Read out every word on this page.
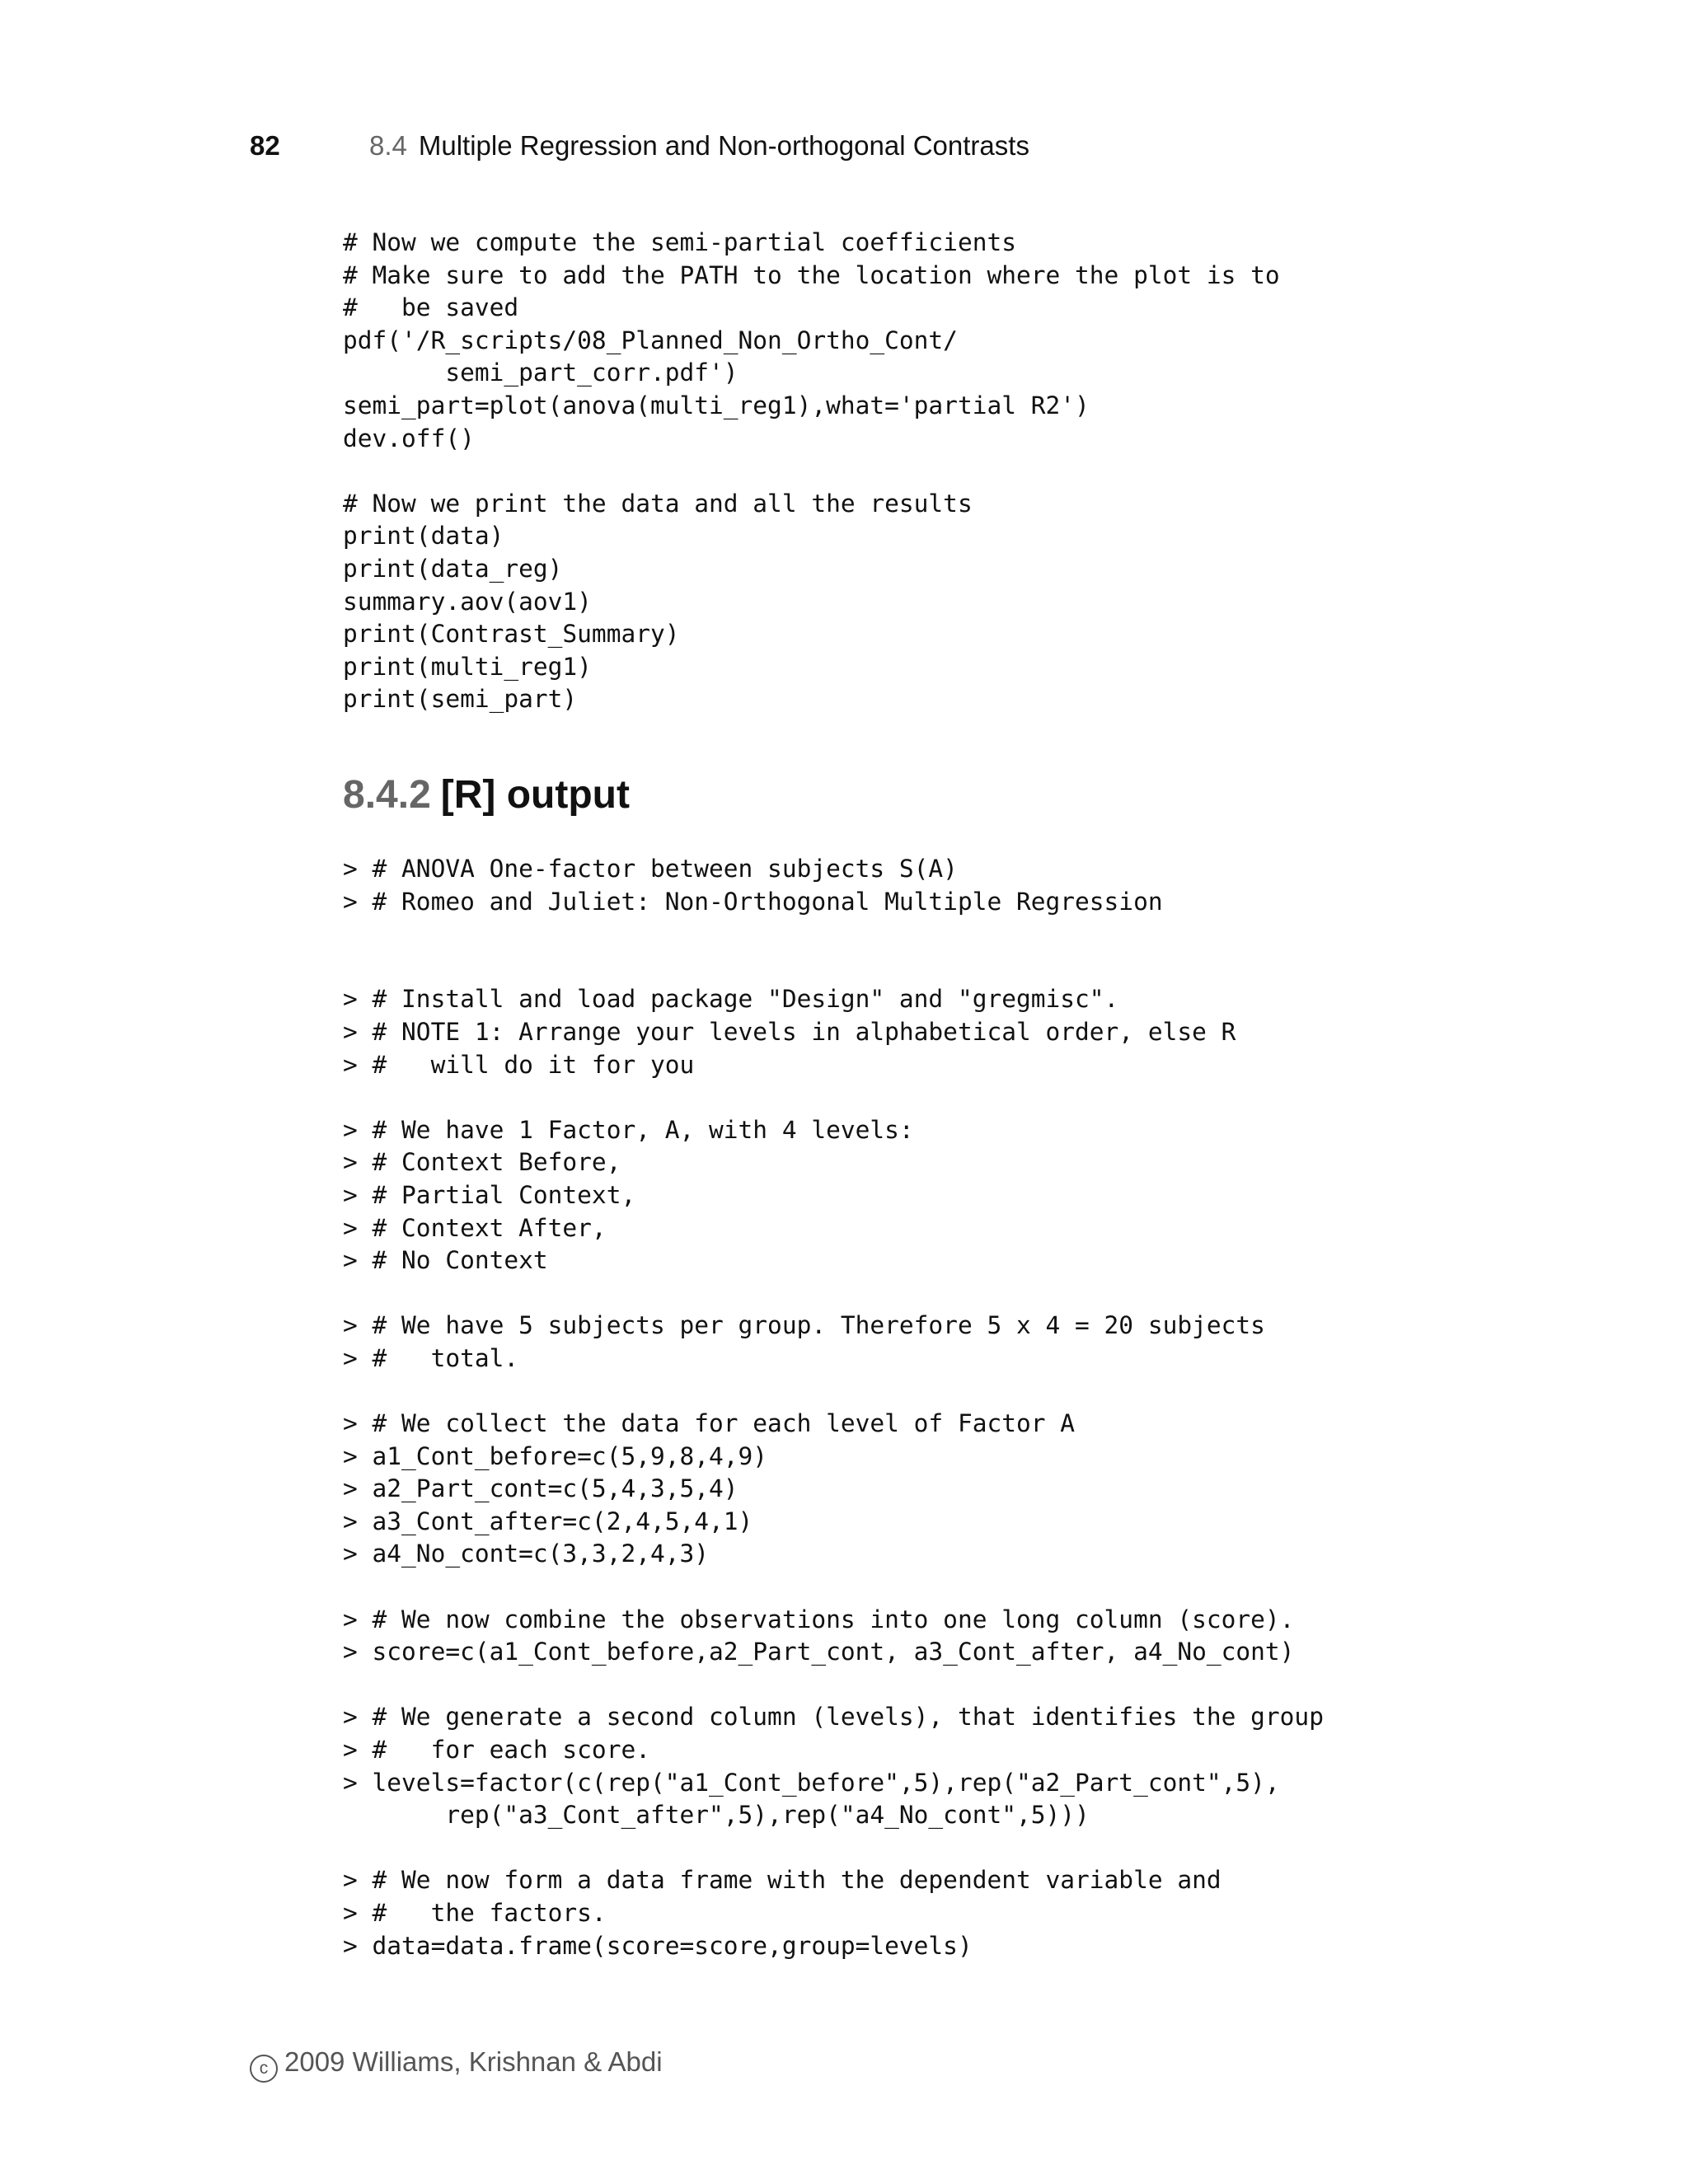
82	8.4 Multiple Regression and Non-orthogonal Contrasts
# Now we compute the semi-partial coefficients
# Make sure to add the PATH to the location where the plot is to
#   be saved
pdf('/R_scripts/08_Planned_Non_Ortho_Cont/
semi_part_corr.pdf')
semi_part=plot(anova(multi_reg1),what='partial R2')
dev.off()

# Now we print the data and all the results
print(data)
print(data_reg)
summary.aov(aov1)
print(Contrast_Summary)
print(multi_reg1)
print(semi_part)
8.4.2 [R] output
> # ANOVA One-factor between subjects S(A)
> # Romeo and Juliet: Non-Orthogonal Multiple Regression

> # Install and load package "Design" and "gregmisc".
> # NOTE 1: Arrange your levels in alphabetical order, else R
> #   will do it for you

> # We have 1 Factor, A, with 4 levels:
> # Context Before,
> # Partial Context,
> # Context After,
> # No Context

> # We have 5 subjects per group. Therefore 5 x 4 = 20 subjects
> #   total.

> # We collect the data for each level of Factor A
> a1_Cont_before=c(5,9,8,4,9)
> a2_Part_cont=c(5,4,3,5,4)
> a3_Cont_after=c(2,4,5,4,1)
> a4_No_cont=c(3,3,2,4,3)

> # We now combine the observations into one long column (score).
> score=c(a1_Cont_before,a2_Part_cont, a3_Cont_after, a4_No_cont)

> # We generate a second column (levels), that identifies the group
> #   for each score.
> levels=factor(c(rep("a1_Cont_before",5),rep("a2_Part_cont",5),
rep("a3_Cont_after",5),rep("a4_No_cont",5)))

> # We now form a data frame with the dependent variable and
> #   the factors.
> data=data.frame(score=score,group=levels)
c 2009 Williams, Krishnan & Abdi
